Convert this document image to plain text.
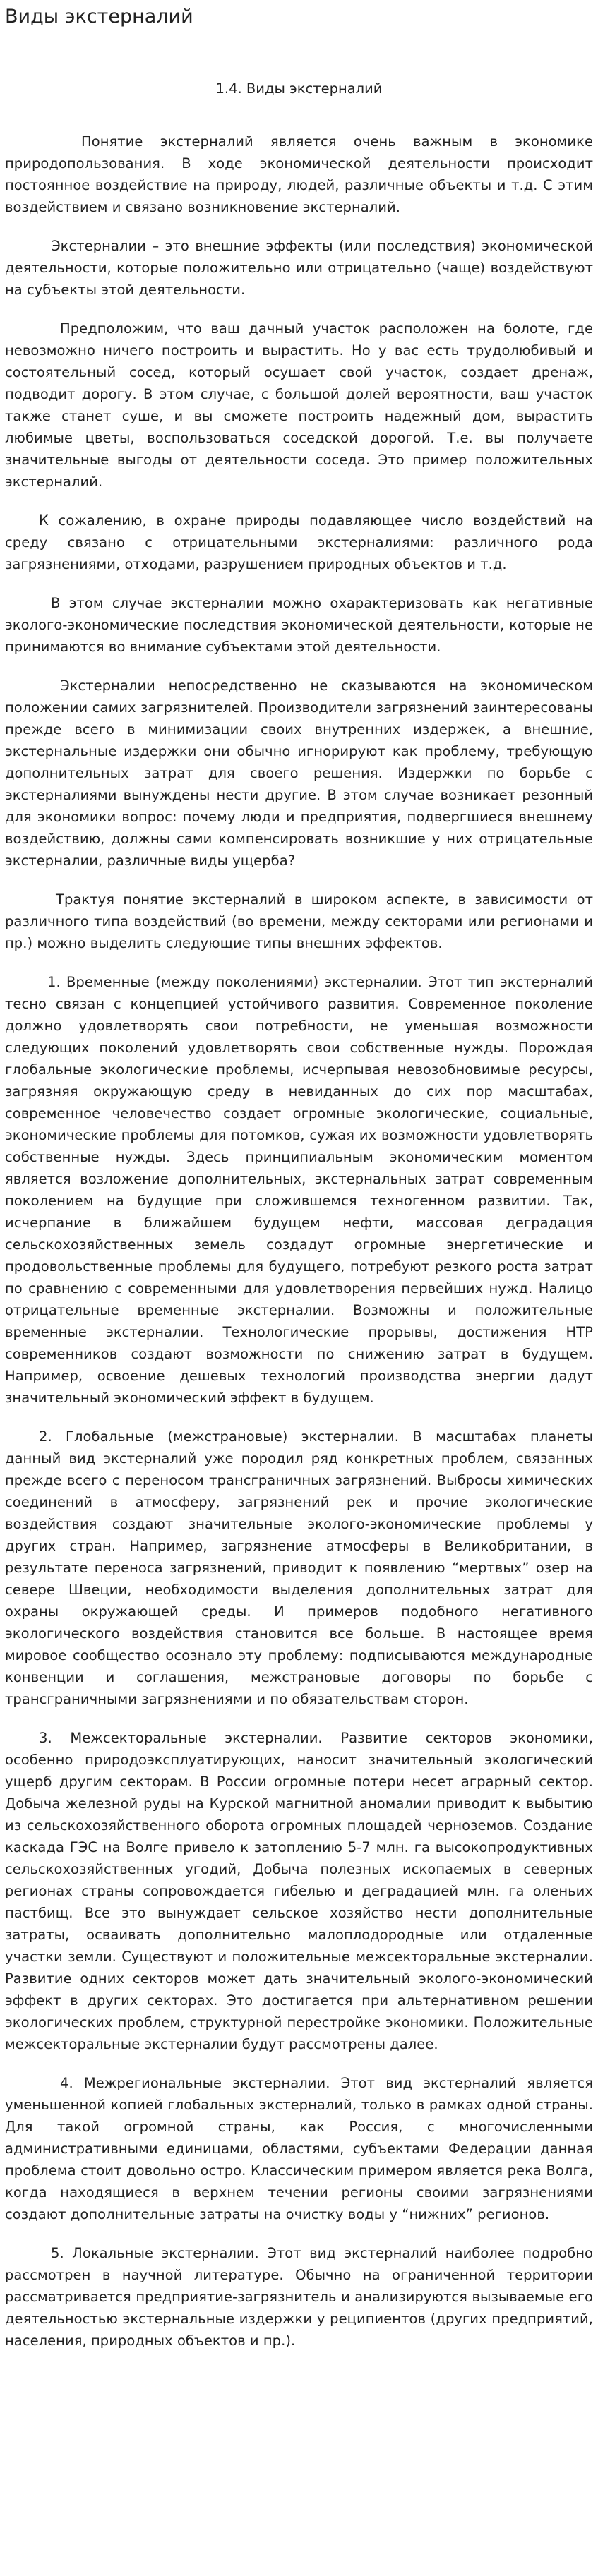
Виды экстерналий
1.4. Виды экстерналий

Понятие экстерналий является очень важным в экономике природопользования. В ходе экономической деятельности происходит постоянное воздействие на природу, людей, различные объекты и т.д. С этим воздействием и связано возникновение экстерналий.

Экстерналии – это внешние эффекты (или последствия) экономической деятельности, которые положительно или отрицательно (чаще) воздействуют на субъекты этой деятельности.

Предположим, что ваш дачный участок расположен на болоте, где невозможно ничего построить и вырастить. Но у вас есть трудолюбивый и состоятельный сосед, который осушает свой участок, создает дренаж, подводит дорогу. В этом случае, с большой долей вероятности, ваш участок также станет суше, и вы сможете построить надежный дом, вырастить любимые цветы, воспользоваться соседской дорогой. Т.е. вы получаете значительные выгоды от деятельности соседа. Это пример положительных экстерналий.

К сожалению, в охране природы подавляющее число воздействий на среду связано с отрицательными экстерналиями: различного рода загрязнениями, отходами, разрушением природных объектов и т.д.

В этом случае экстерналии можно охарактеризовать как негативные эколого-экономические последствия экономической деятельности, которые не принимаются во внимание субъектами этой деятельности.

Экстерналии непосредственно не сказываются на экономическом положении самих загрязнителей. Производители загрязнений заинтересованы прежде всего в минимизации своих внутренних издержек, а внешние, экстернальные издержки они обычно игнорируют как проблему, требующую дополнительных затрат для своего решения. Издержки по борьбе с экстерналиями вынуждены нести другие. В этом случае возникает резонный для экономики вопрос: почему люди и предприятия, подвергшиеся внешнему воздействию, должны сами компенсировать возникшие у них отрицательные экстерналии, различные виды ущерба?

Трактуя понятие экстерналий в широком аспекте, в зависимости от различного типа воздействий (во времени, между секторами или регионами и пр.) можно выделить следующие типы внешних эффектов.

1. Временные (между поколениями) экстерналии. Этот тип экстерналий тесно связан с концепцией устойчивого развития. Современное поколение должно удовлетворять свои потребности, не уменьшая возможности следующих поколений удовлетворять свои собственные нужды. Порождая глобальные экологические проблемы, исчерпывая невозобновимые ресурсы, загрязняя окружающую среду в невиданных до сих пор масштабах, современное человечество создает огромные экологические, социальные, экономические проблемы для потомков, сужая их возможности удовлетворять собственные нужды. Здесь принципиальным экономическим моментом является возложение дополнительных, экстернальных затрат современным поколением на будущие при сложившемся техногенном развитии. Так, исчерпание в ближайшем будущем нефти, массовая деградация сельскохозяйственных земель создадут огромные энергетические и продовольственные проблемы для будущего, потребуют резкого роста затрат по сравнению с современными для удовлетворения первейших нужд. Налицо отрицательные временные экстерналии. Возможны и положительные временные экстерналии. Технологические прорывы, достижения НТР современников создают возможности по снижению затрат в будущем. Например, освоение дешевых технологий производства энергии дадут значительный экономический эффект в будущем.

2. Глобальные (межстрановые) экстерналии. В масштабах планеты данный вид экстерналий уже породил ряд конкретных проблем, связанных прежде всего с переносом трансграничных загрязнений. Выбросы химических соединений в атмосферу, загрязнений рек и прочие экологические воздействия создают значительные эколого-экономические проблемы у других стран. Например, загрязнение атмосферы в Великобритании, в результате переноса загрязнений, приводит к появлению “мертвых” озер на севере Швеции, необходимости выделения дополнительных затрат для охраны окружающей среды. И примеров подобного негативного экологического воздействия становится все больше. В настоящее время мировое сообщество осознало эту проблему: подписываются международные конвенции и соглашения, межстрановые договоры по борьбе с трансграничными загрязнениями и по обязательствам сторон.

3. Межсекторальные экстерналии. Развитие секторов экономики, особенно природоэксплуатирующих, наносит значительный экологический ущерб другим секторам. В России огромные потери несет аграрный сектор. Добыча железной руды на Курской магнитной аномалии приводит к выбытию из сельскохозяйственного оборота огромных площадей черноземов. Создание каскада ГЭС на Волге привело к затоплению 5-7 млн. га высокопродуктивных сельскохозяйственных угодий, Добыча полезных ископаемых в северных регионах страны сопровождается гибелью и деградацией млн. га оленьих пастбищ. Все это вынуждает сельское хозяйство нести дополнительные затраты, осваивать дополнительно малоплодородные или отдаленные участки земли. Существуют и положительные межсекторальные экстерналии. Развитие одних секторов может дать значительный эколого-экономический эффект в других секторах. Это достигается при альтернативном решении экологических проблем, структурной перестройке экономики. Положительные межсекторальные экстерналии будут рассмотрены далее.

4. Межрегиональные экстерналии. Этот вид экстерналий является уменьшенной копией глобальных экстерналий, только в рамках одной страны. Для такой огромной страны, как Россия, с многочисленными административными единицами, областями, субъектами Федерации данная проблема стоит довольно остро. Классическим примером является река Волга, когда находящиеся в верхнем течении регионы своими загрязнениями создают дополнительные затраты на очистку воды у “нижних” регионов.

5. Локальные экстерналии. Этот вид экстерналий наиболее подробно рассмотрен в научной литературе. Обычно на ограниченной территории рассматривается предприятие-загрязнитель и анализируются вызываемые его деятельностью экстернальные издержки у реципиентов (других предприятий, населения, природных объектов и пр.).
